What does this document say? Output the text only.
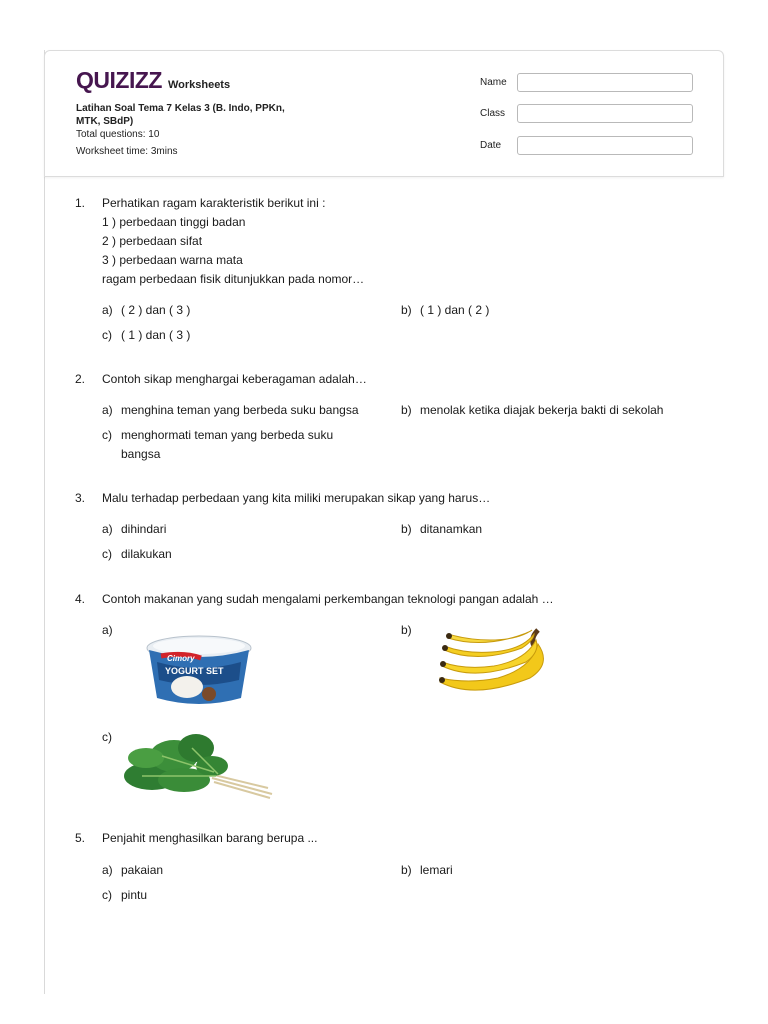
QUIZIZZ Worksheets
Latihan Soal Tema 7 Kelas 3 (B. Indo, PPKn,
MTK, SBdP)
Total questions: 10
Worksheet time: 3mins
Name
Class
Date
1.	Perhatikan ragam karakteristik berikut ini :
1 ) perbedaan tinggi badan
2 ) perbedaan sifat
3 ) perbedaan warna mata
ragam perbedaan fisik ditunjukkan pada nomor…
a) ( 2 ) dan ( 3 )	b) ( 1 ) dan ( 2 )
c) ( 1 ) dan ( 3 )
2.	Contoh sikap menghargai keberagaman adalah…
a) menghina teman yang berbeda suku bangsa	b) menolak ketika diajak bekerja bakti di sekolah
c) menghormati teman yang berbeda suku
bangsa
3.	Malu terhadap perbedaan yang kita miliki merupakan sikap yang harus…
a) dihindari	b) ditanamkan
c) dilakukan
4.	Contoh makanan yang sudah mengalami perkembangan teknologi pangan adalah …
a)
Cimory
YOGURT SET
b)
c)
5.	Penjahit menghasilkan barang berupa ...
a) pakaian	b) lemari
c) pintu
